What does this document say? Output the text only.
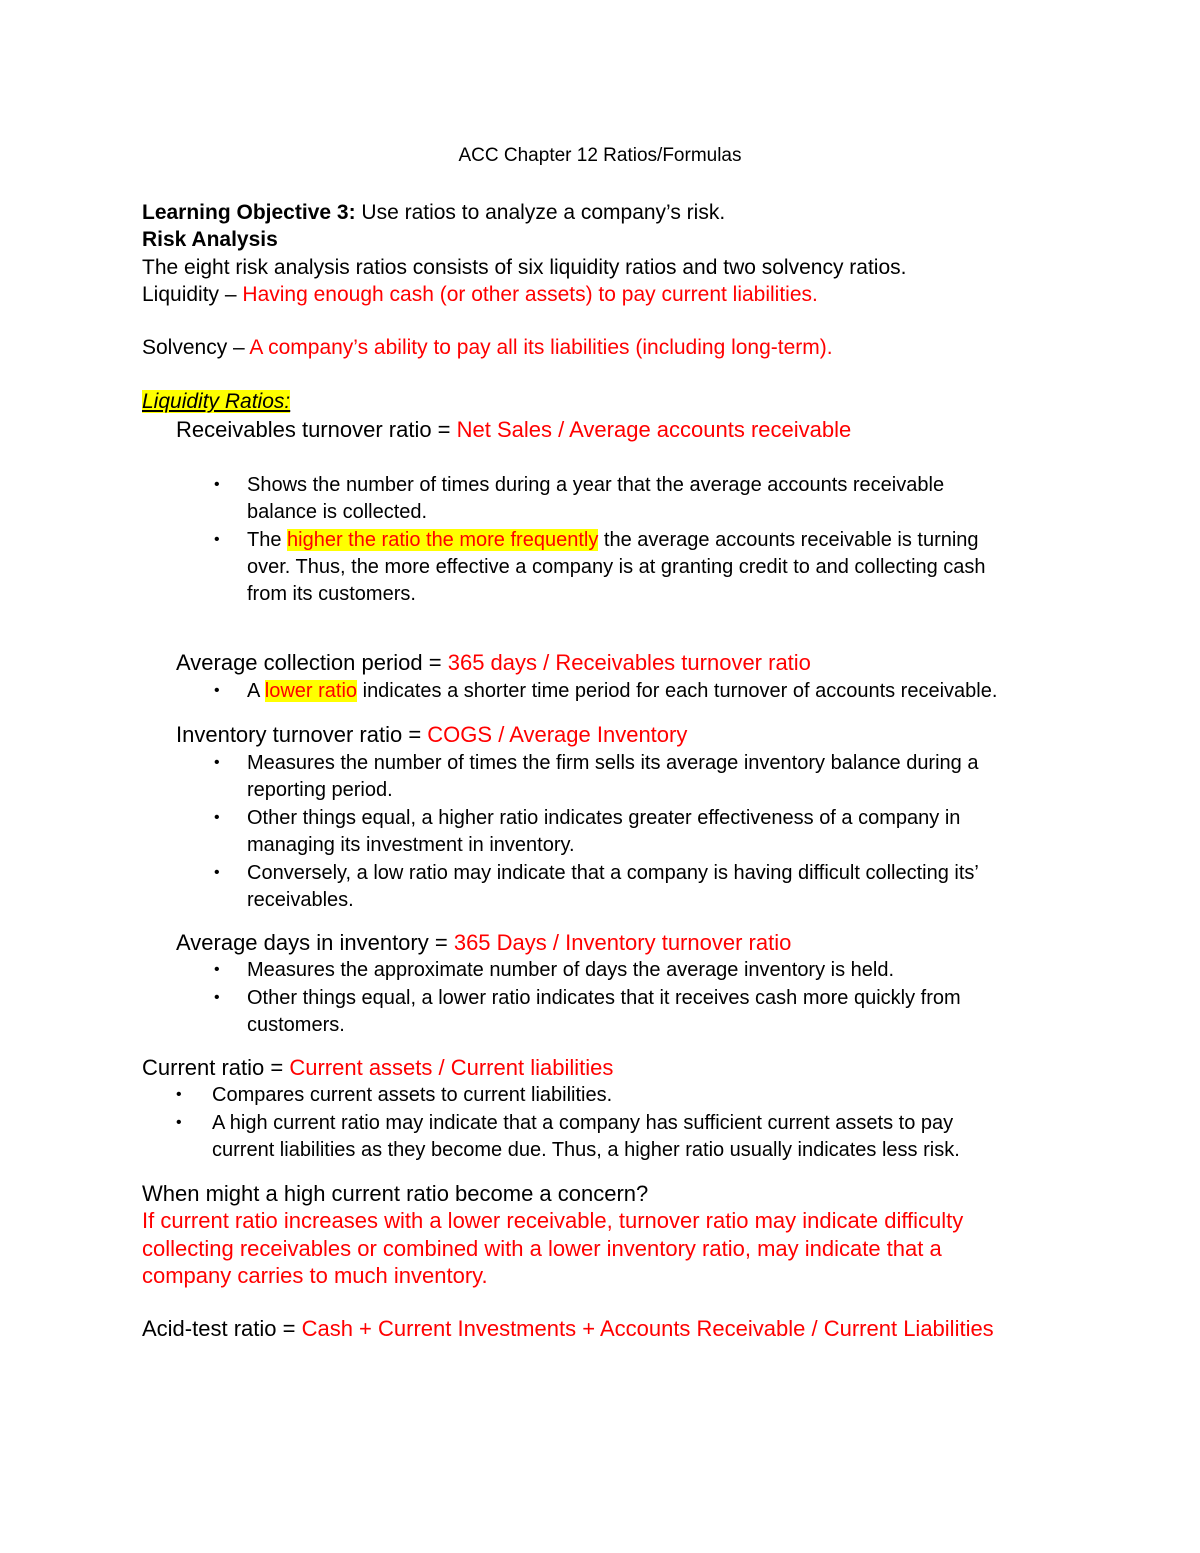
ACC Chapter 12 Ratios/Formulas
Learning Objective 3: Use ratios to analyze a company’s risk.
Risk Analysis
The eight risk analysis ratios consists of six liquidity ratios and two solvency ratios.
Liquidity – Having enough cash (or other assets) to pay current liabilities.
Solvency – A company’s ability to pay all its liabilities (including long-term).
Liquidity Ratios:
Receivables turnover ratio = Net Sales / Average accounts receivable
• Shows the number of times during a year that the average accounts receivable
balance is collected.
• The higher the ratio the more frequently the average accounts receivable is turning
over. Thus, the more effective a company is at granting credit to and collecting cash
from its customers.
Average collection period = 365 days / Receivables turnover ratio
• A lower ratio indicates a shorter time period for each turnover of accounts receivable.
Inventory turnover ratio = COGS / Average Inventory
• Measures the number of times the firm sells its average inventory balance during a
reporting period.
• Other things equal, a higher ratio indicates greater effectiveness of a company in
managing its investment in inventory.
• Conversely, a low ratio may indicate that a company is having difficult collecting its’
receivables.
Average days in inventory = 365 Days / Inventory turnover ratio
• Measures the approximate number of days the average inventory is held.
• Other things equal, a lower ratio indicates that it receives cash more quickly from
customers.
Current ratio = Current assets / Current liabilities
• Compares current assets to current liabilities.
• A high current ratio may indicate that a company has sufficient current assets to pay
current liabilities as they become due. Thus, a higher ratio usually indicates less risk.
When might a high current ratio become a concern?
If current ratio increases with a lower receivable, turnover ratio may indicate difficulty
collecting receivables or combined with a lower inventory ratio, may indicate that a
company carries to much inventory.
Acid-test ratio = Cash + Current Investments + Accounts Receivable / Current Liabilities
